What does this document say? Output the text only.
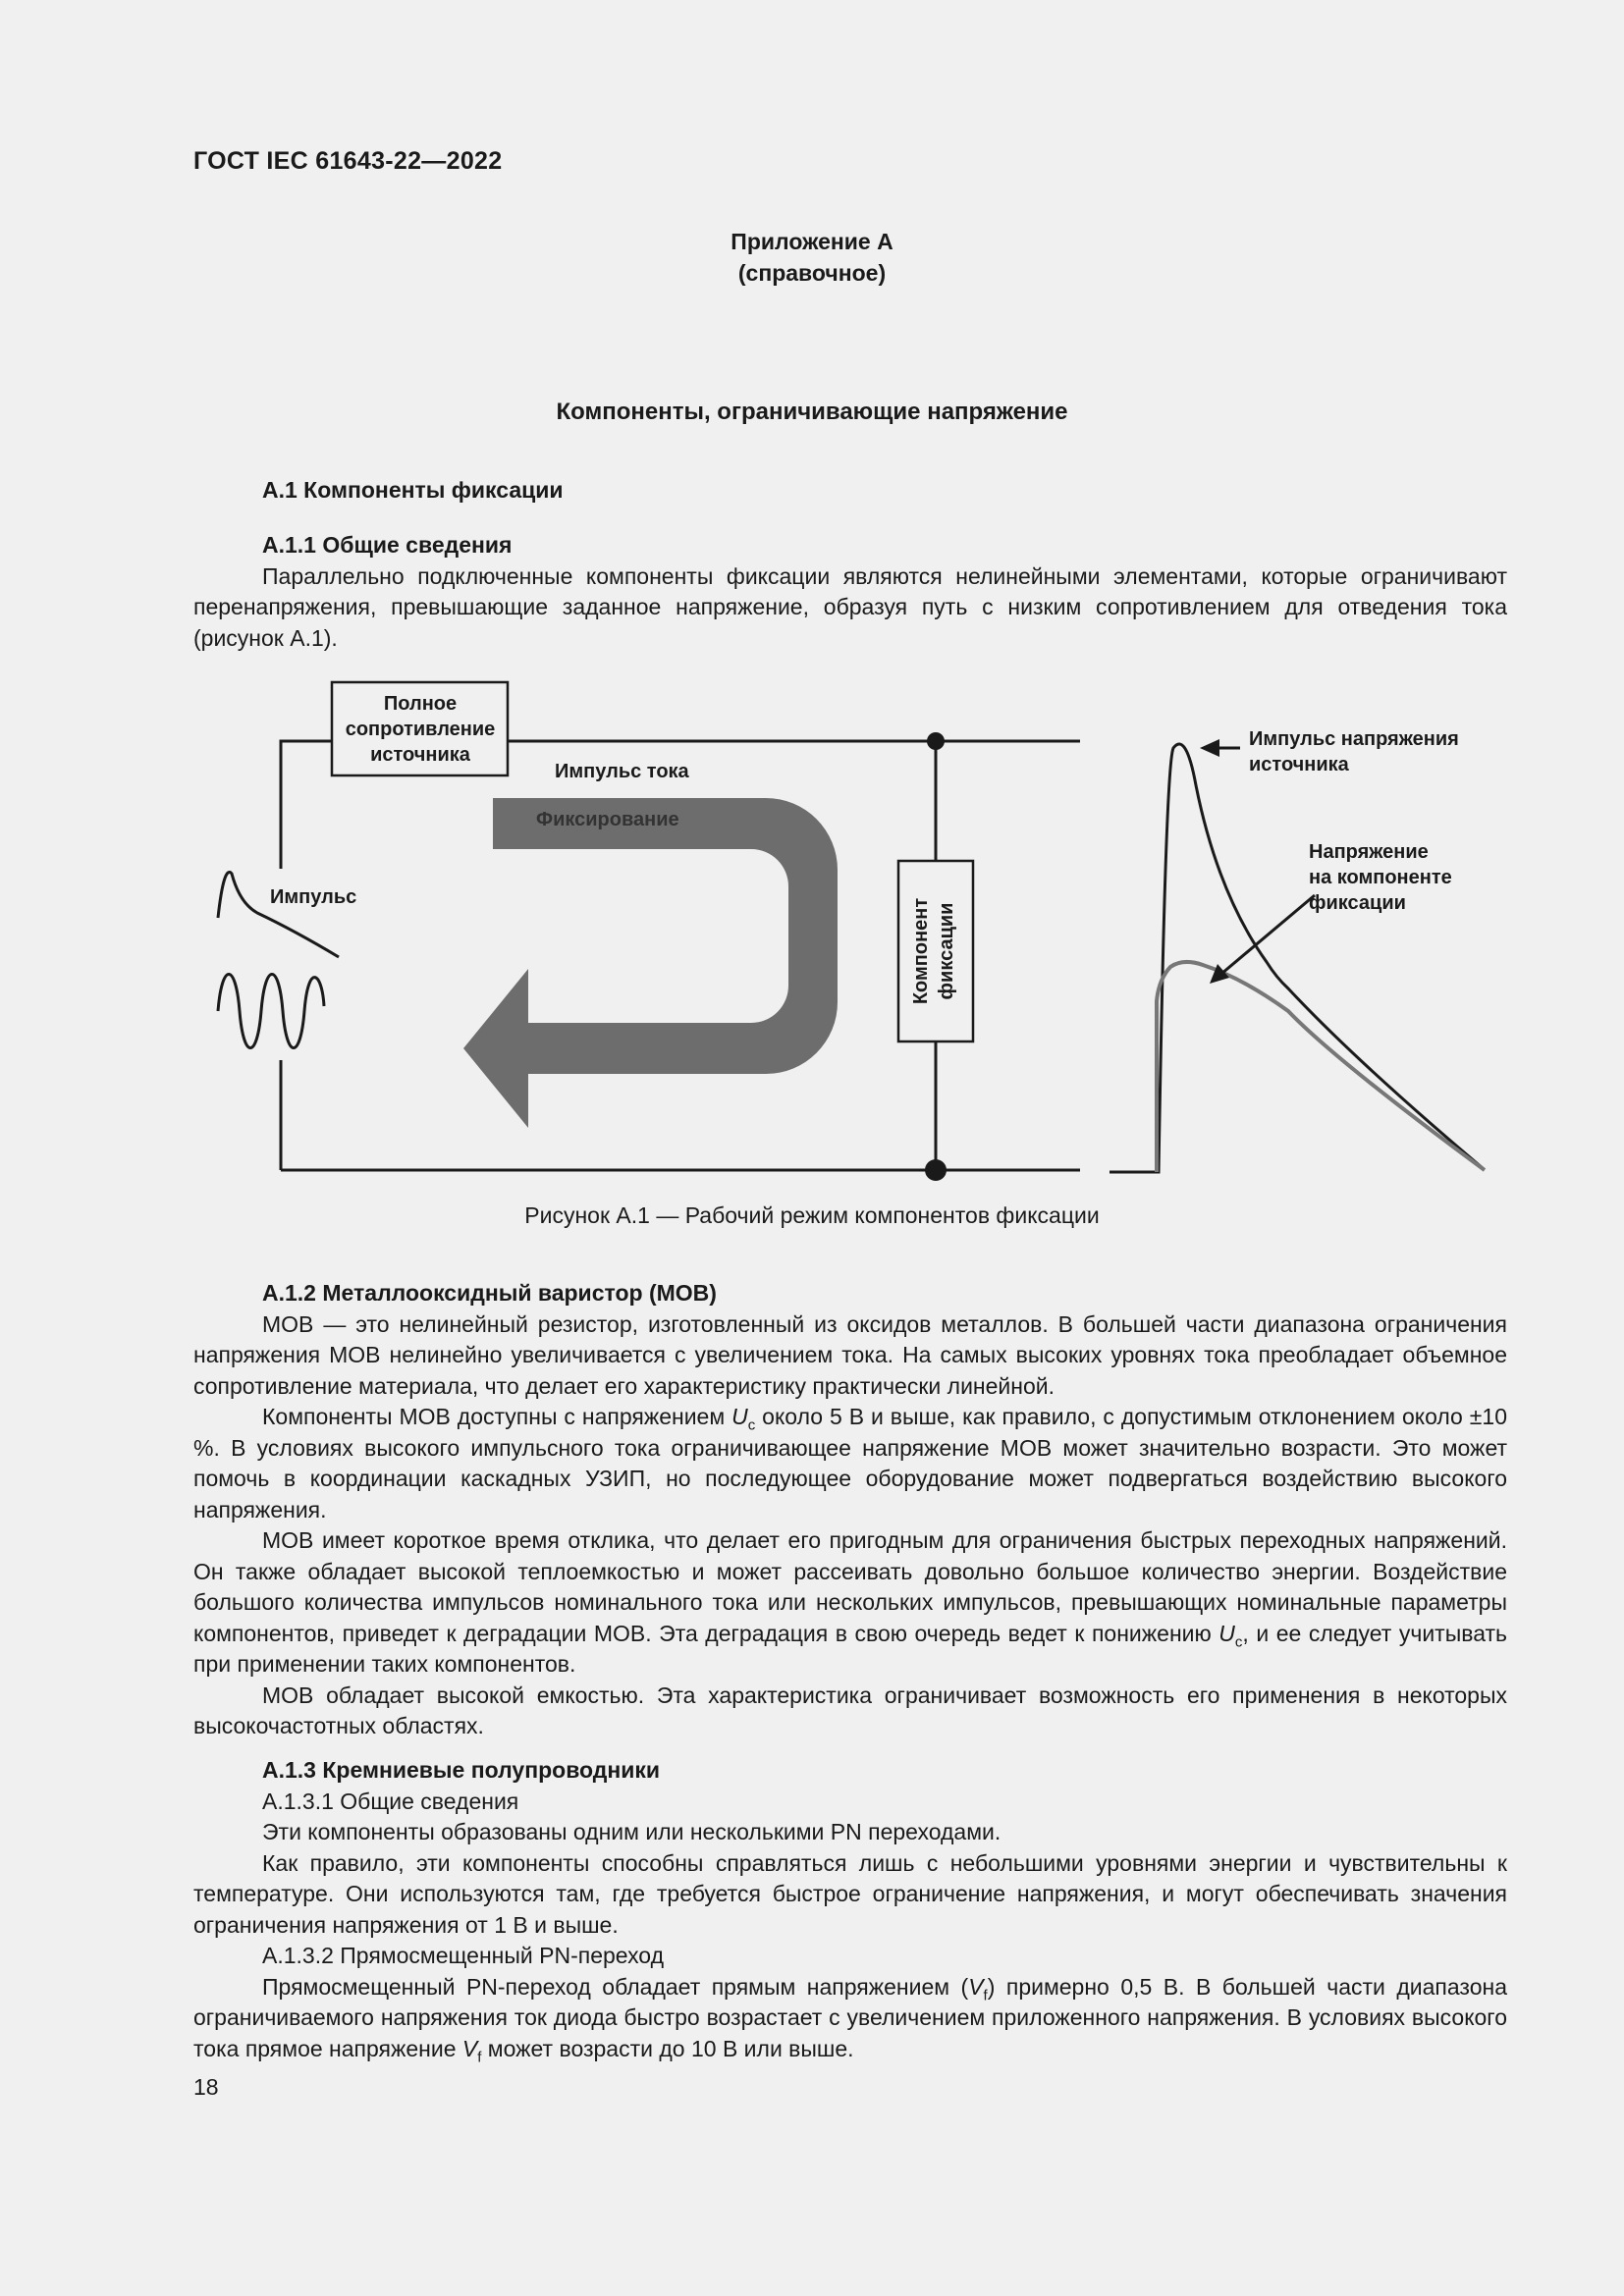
ГОСТ IEC 61643-22—2022
Приложение А
(справочное)
Компоненты, ограничивающие напряжение
А.1 Компоненты фиксации
А.1.1 Общие сведения

Параллельно подключенные компоненты фиксации являются нелинейными элементами, которые ограничивают перенапряжения, превышающие заданное напряжение, образуя путь с низким сопротивлением для отведения тока (рисунок А.1).

Полное
сопротивление
источника
Компонент фиксации
Фиксирование
Импульс тока
Импульс
Импульс напряжения
источника
Напряжение
на компоненте
фиксации
Рисунок А.1 — Рабочий режим компонентов фиксации
А.1.2 Металлооксидный варистор (МОВ)

МОВ — это нелинейный резистор, изготовленный из оксидов металлов. В большей части диапазона ограничения напряжения МОВ нелинейно увеличивается с увеличением тока. На самых высоких уровнях тока преобладает объемное сопротивление материала, что делает его характеристику практически линейной.

Компоненты МОВ доступны с напряжением $U_c$ около 5 В и выше, как правило, с допустимым отклонением около ±10 %. В условиях высокого импульсного тока ограничивающее напряжение МОВ может значительно возрасти. Это может помочь в координации каскадных УЗИП, но последующее оборудование может подвергаться воздействию высокого напряжения.

МОВ имеет короткое время отклика, что делает его пригодным для ограничения быстрых переходных напряжений. Он также обладает высокой теплоемкостью и может рассеивать довольно большое количество энергии. Воздействие большого количества импульсов номинального тока или нескольких импульсов, превышающих номинальные параметры компонентов, приведет к деградации МОВ. Эта деградация в свою очередь ведет к понижению $U_c$, и ее следует учитывать при применении таких компонентов.

МОВ обладает высокой емкостью. Эта характеристика ограничивает возможность его применения в некоторых высокочастотных областях.

А.1.3 Кремниевые полупроводники
А.1.3.1 Общие сведения

Эти компоненты образованы одним или несколькими PN переходами.

Как правило, эти компоненты способны справляться лишь с небольшими уровнями энергии и чувствительны к температуре. Они используются там, где требуется быстрое ограничение напряжения, и могут обеспечивать значения ограничения напряжения от 1 В и выше.

А.1.3.2 Прямосмещенный PN-переход

Прямосмещенный PN-переход обладает прямым напряжением $(V_f)$ примерно 0,5 В. В большей части диапазона ограничиваемого напряжения ток диода быстро возрастает с увеличением приложенного напряжения. В условиях высокого тока прямое напряжение $V_f$ может возрасти до 10 В или выше.

18
